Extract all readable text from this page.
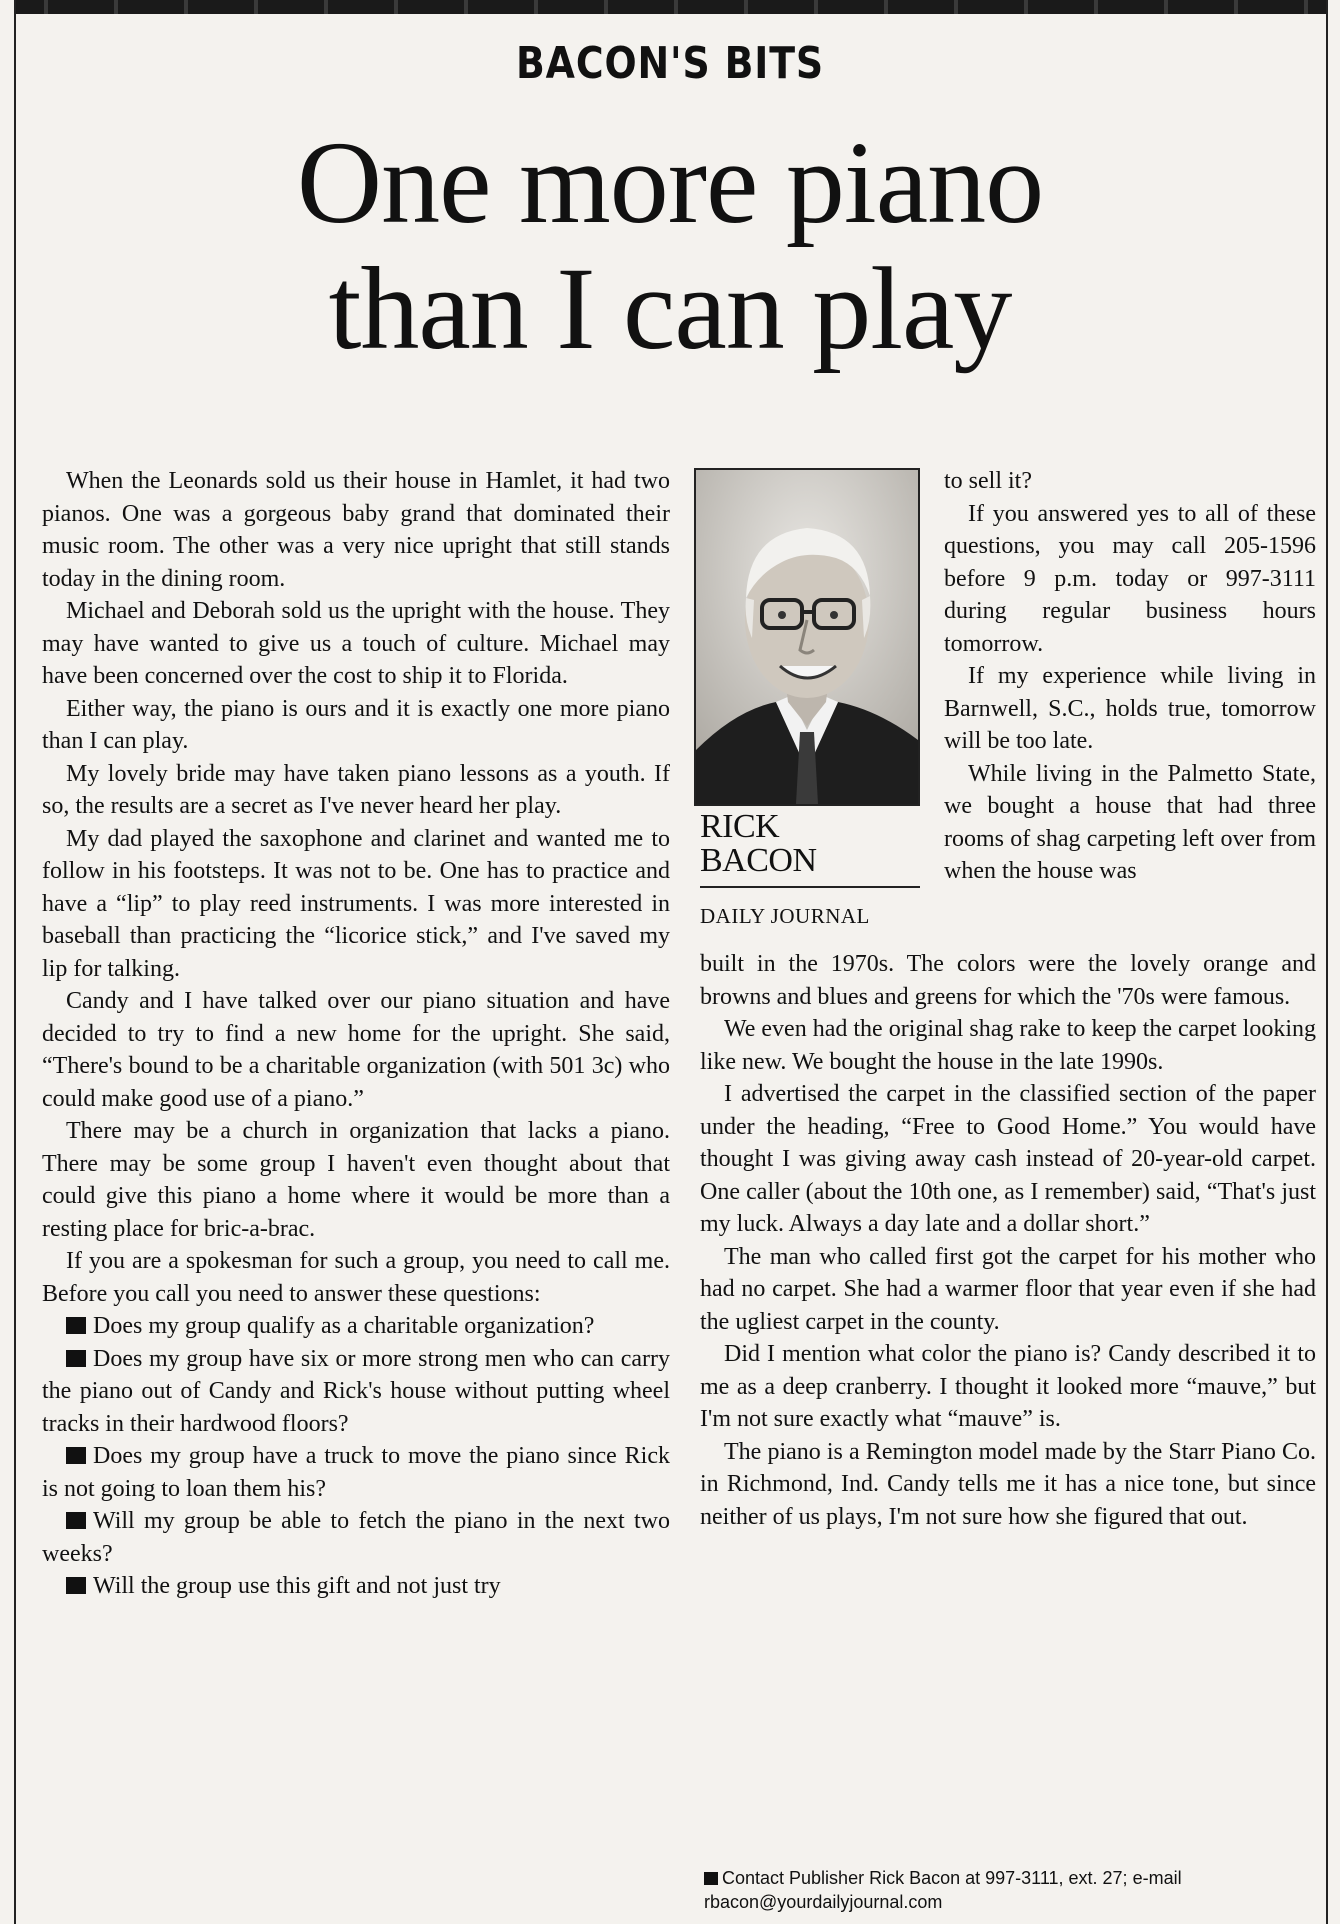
BACON'S BITS
One more piano
than I can play

When the Leonards sold us their house in Hamlet, it had two pianos. One was a gorgeous baby grand that dominated their music room. The other was a very nice upright that still stands today in the dining room.

Michael and Deborah sold us the upright with the house. They may have wanted to give us a touch of culture. Michael may have been concerned over the cost to ship it to Florida.

Either way, the piano is ours and it is exactly one more piano than I can play.

My lovely bride may have taken piano lessons as a youth. If so, the results are a secret as I've never heard her play.

My dad played the saxophone and clarinet and wanted me to follow in his footsteps. It was not to be. One has to practice and have a “lip” to play reed instruments. I was more interested in baseball than practicing the “licorice stick,” and I've saved my lip for talking.

Candy and I have talked over our piano situation and have decided to try to find a new home for the upright. She said, “There's bound to be a charitable organization (with 501 3c) who could make good use of a piano.”

There may be a church in organization that lacks a piano. There may be some group I haven't even thought about that could give this piano a home where it would be more than a resting place for bric-a-brac.

If you are a spokesman for such a group, you need to call me. Before you call you need to answer these questions:

Does my group qualify as a charitable organization?

Does my group have six or more strong men who can carry the piano out of Candy and Rick's house without putting wheel tracks in their hardwood floors?

Does my group have a truck to move the piano since Rick is not going to loan them his?

Will my group be able to fetch the piano in the next two weeks?

Will the group use this gift and not just try

RICK
BACON
DAILY JOURNAL

to sell it?

If you answered yes to all of these questions, you may call 205-1596 before 9 p.m. today or 997-3111 during regular business hours tomorrow.

If my experience while living in Barnwell, S.C., holds true, tomorrow will be too late.

While living in the Palmetto State, we bought a house that had three rooms of shag carpeting left over from when the house was

built in the 1970s. The colors were the lovely orange and browns and blues and greens for which the '70s were famous.

We even had the original shag rake to keep the carpet looking like new. We bought the house in the late 1990s.

I advertised the carpet in the classified section of the paper under the heading, “Free to Good Home.” You would have thought I was giving away cash instead of 20-year-old carpet. One caller (about the 10th one, as I remember) said, “That's just my luck. Always a day late and a dollar short.”

The man who called first got the carpet for his mother who had no carpet. She had a warmer floor that year even if she had the ugliest carpet in the county.

Did I mention what color the piano is? Candy described it to me as a deep cranberry. I thought it looked more “mauve,” but I'm not sure exactly what “mauve” is.

The piano is a Remington model made by the Starr Piano Co. in Richmond, Ind. Candy tells me it has a nice tone, but since neither of us plays, I'm not sure how she figured that out.

Contact Publisher Rick Bacon at 997-3111, ext. 27; e-mail rbacon@yourdailyjournal.com
